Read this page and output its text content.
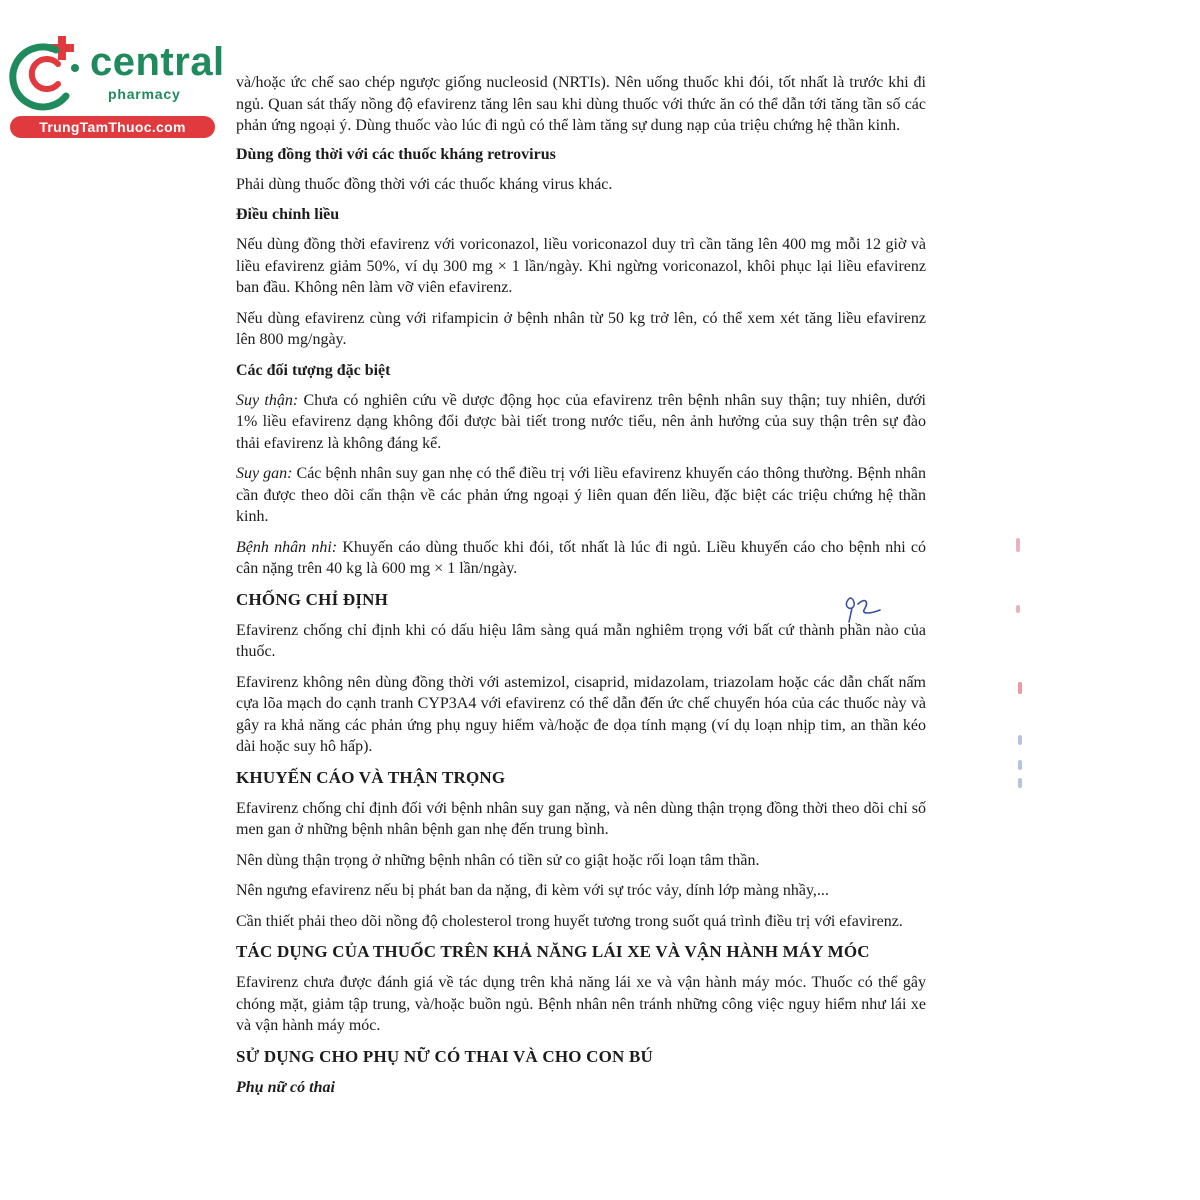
central
pharmacy
TrungTamThuoc.com

và/hoặc ức chế sao chép ngược giống nucleosid (NRTIs). Nên uống thuốc khi đói, tốt nhất là trước khi đi ngủ. Quan sát thấy nồng độ efavirenz tăng lên sau khi dùng thuốc với thức ăn có thể dẫn tới tăng tần số các phản ứng ngoại ý. Dùng thuốc vào lúc đi ngủ có thể làm tăng sự dung nạp của triệu chứng hệ thần kinh.

Dùng đồng thời với các thuốc kháng retrovirus

Phải dùng thuốc đồng thời với các thuốc kháng virus khác.

Điều chỉnh liều

Nếu dùng đồng thời efavirenz với voriconazol, liều voriconazol duy trì cần tăng lên 400 mg mỗi 12 giờ và liều efavirenz giảm 50%, ví dụ 300 mg × 1 lần/ngày. Khi ngừng voriconazol, khôi phục lại liều efavirenz ban đầu. Không nên làm vỡ viên efavirenz.

Nếu dùng efavirenz cùng với rifampicin ở bệnh nhân từ 50 kg trở lên, có thể xem xét tăng liều efavirenz lên 800 mg/ngày.

Các đối tượng đặc biệt

Suy thận: Chưa có nghiên cứu về dược động học của efavirenz trên bệnh nhân suy thận; tuy nhiên, dưới 1% liều efavirenz dạng không đổi được bài tiết trong nước tiểu, nên ảnh hưởng của suy thận trên sự đào thải efavirenz là không đáng kể.

Suy gan: Các bệnh nhân suy gan nhẹ có thể điều trị với liều efavirenz khuyến cáo thông thường. Bệnh nhân cần được theo dõi cẩn thận về các phản ứng ngoại ý liên quan đến liều, đặc biệt các triệu chứng hệ thần kinh.

Bệnh nhân nhi: Khuyến cáo dùng thuốc khi đói, tốt nhất là lúc đi ngủ. Liều khuyến cáo cho bệnh nhi có cân nặng trên 40 kg là 600 mg × 1 lần/ngày.

CHỐNG CHỈ ĐỊNH

Efavirenz chống chỉ định khi có dấu hiệu lâm sàng quá mẫn nghiêm trọng với bất cứ thành phần nào của thuốc.

Efavirenz không nên dùng đồng thời với astemizol, cisaprid, midazolam, triazolam hoặc các dẫn chất nấm cựa lõa mạch do cạnh tranh CYP3A4 với efavirenz có thể dẫn đến ức chế chuyển hóa của các thuốc này và gây ra khả năng các phản ứng phụ nguy hiểm và/hoặc đe dọa tính mạng (ví dụ loạn nhịp tim, an thần kéo dài hoặc suy hô hấp).

KHUYẾN CÁO VÀ THẬN TRỌNG

Efavirenz chống chỉ định đối với bệnh nhân suy gan nặng, và nên dùng thận trọng đồng thời theo dõi chỉ số men gan ở những bệnh nhân bệnh gan nhẹ đến trung bình.

Nên dùng thận trọng ở những bệnh nhân có tiền sử co giật hoặc rối loạn tâm thần.

Nên ngưng efavirenz nếu bị phát ban da nặng, đi kèm với sự tróc vảy, dính lớp màng nhầy,...

Cần thiết phải theo dõi nồng độ cholesterol trong huyết tương trong suốt quá trình điều trị với efavirenz.

TÁC DỤNG CỦA THUỐC TRÊN KHẢ NĂNG LÁI XE VÀ VẬN HÀNH MÁY MÓC

Efavirenz chưa được đánh giá về tác dụng trên khả năng lái xe và vận hành máy móc. Thuốc có thể gây chóng mặt, giảm tập trung, và/hoặc buồn ngủ. Bệnh nhân nên tránh những công việc nguy hiểm như lái xe và vận hành máy móc.

SỬ DỤNG CHO PHỤ NỮ CÓ THAI VÀ CHO CON BÚ

Phụ nữ có thai
